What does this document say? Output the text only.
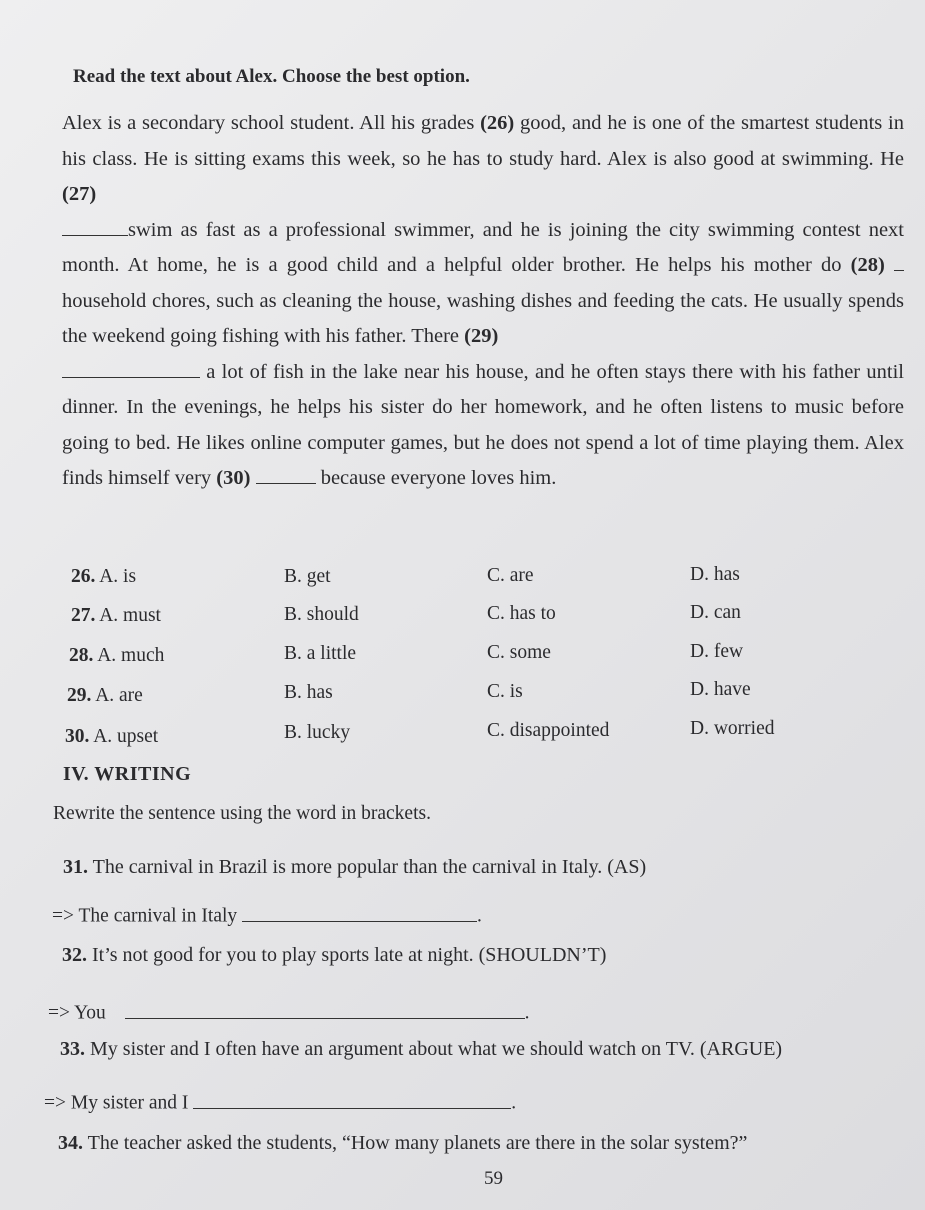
Read the text about Alex. Choose the best option.

Alex is a secondary school student. All his grades (26) good, and he is one of the smartest students in his class. He is sitting exams this week, so he has to study hard. Alex is also good at swimming. He (27)
swim as fast as a professional swimmer, and he is joining the city swimming contest next month. At home, he is a good child and a helpful older brother. He helps his mother do (28) household chores, such as cleaning the house, washing dishes and feeding the cats. He usually spends the weekend going fishing with his father. There (29)
a lot of fish in the lake near his house, and he often stays there with his father until dinner. In the evenings, he helps his sister do her homework, and he often listens to music before going to bed. He likes online computer games, but he does not spend a lot of time playing them. Alex finds himself very (30)	because everyone loves him.

26. A. is	B. get	C. are	D. has
27. A. must	B. should	C. has to	D. can
28. A. much	B. a little	C. some	D. few
29. A. are	B. has	C. is	D. have
30. A. upset	B. lucky	C. disappointed	D. worried
IV. WRITING
Rewrite the sentence using the word in brackets.
31. The carnival in Brazil is more popular than the carnival in Italy. (AS)
=> The carnival in Italy	.
32. It’s not good for you to play sports late at night. (SHOULDN’T)
=> You	.
33. My sister and I often have an argument about what we should watch on TV. (ARGUE)
=> My sister and I	.
34. The teacher asked the students, “How many planets are there in the solar system?”
59
